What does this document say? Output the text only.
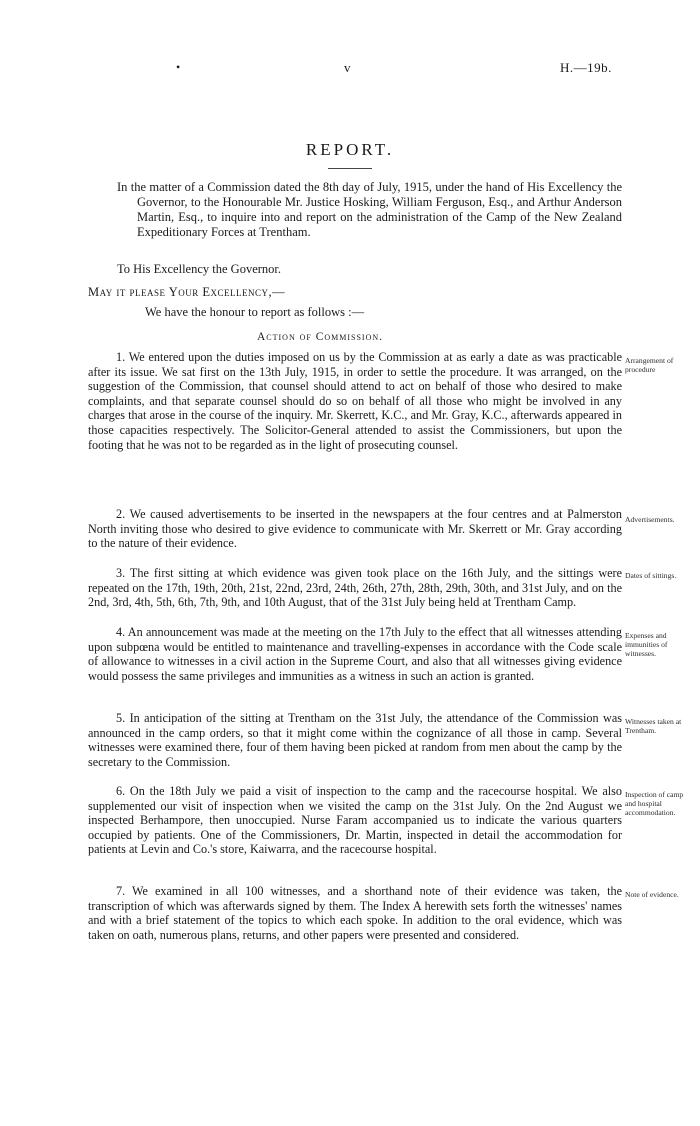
•	v	H.—19b.
REPORT.
In the matter of a Commission dated the 8th day of July, 1915, under the hand of His Excellency the Governor, to the Honourable Mr. Justice Hosking, William Ferguson, Esq., and Arthur Anderson Martin, Esq., to inquire into and report on the administration of the Camp of the New Zealand Expeditionary Forces at Trentham.
To His Excellency the Governor.
May it please Your Excellency,—
We have the honour to report as follows :—
Action of Commission.

1. We entered upon the duties imposed on us by the Commission at as early a date as was practicable after its issue. We sat first on the 13th July, 1915, in order to settle the procedure. It was arranged, on the suggestion of the Commission, that counsel should attend to act on behalf of those who desired to make complaints, and that separate counsel should do so on behalf of all those who might be involved in any charges that arose in the course of the inquiry. Mr. Skerrett, K.C., and Mr. Gray, K.C., afterwards appeared in those capacities respectively. The Solicitor-General attended to assist the Commissioners, but upon the footing that he was not to be regarded as in the light of prosecuting counsel.

Arrangement of procedure

2. We caused advertisements to be inserted in the newspapers at the four centres and at Palmerston North inviting those who desired to give evidence to communicate with Mr. Skerrett or Mr. Gray according to the nature of their evidence.

Advertisements.

3. The first sitting at which evidence was given took place on the 16th July, and the sittings were repeated on the 17th, 19th, 20th, 21st, 22nd, 23rd, 24th, 26th, 27th, 28th, 29th, 30th, and 31st July, and on the 2nd, 3rd, 4th, 5th, 6th, 7th, 9th, and 10th August, that of the 31st July being held at Trentham Camp.

Dates of sittings.

4. An announcement was made at the meeting on the 17th July to the effect that all witnesses attending upon subpœna would be entitled to maintenance and travelling-expenses in accordance with the Code scale of allowance to witnesses in a civil action in the Supreme Court, and also that all witnesses giving evidence would possess the same privileges and immunities as a witness in such an action is granted.

Expenses and immunities of witnesses.

5. In anticipation of the sitting at Trentham on the 31st July, the attendance of the Commission was announced in the camp orders, so that it might come within the cognizance of all those in camp. Several witnesses were examined there, four of them having been picked at random from men about the camp by the secretary to the Commission.

Witnesses taken at Trentham.

6. On the 18th July we paid a visit of inspection to the camp and the racecourse hospital. We also supplemented our visit of inspection when we visited the camp on the 31st July. On the 2nd August we inspected Berhampore, then unoccupied. Nurse Faram accompanied us to indicate the various quarters occupied by patients. One of the Commissioners, Dr. Martin, inspected in detail the accommodation for patients at Levin and Co.'s store, Kaiwarra, and the racecourse hospital.

Inspection of camp and hospital accommodation.

7. We examined in all 100 witnesses, and a shorthand note of their evidence was taken, the transcription of which was afterwards signed by them. The Index A herewith sets forth the witnesses' names and with a brief statement of the topics to which each spoke. In addition to the oral evidence, which was taken on oath, numerous plans, returns, and other papers were presented and considered.

Note of evidence.
